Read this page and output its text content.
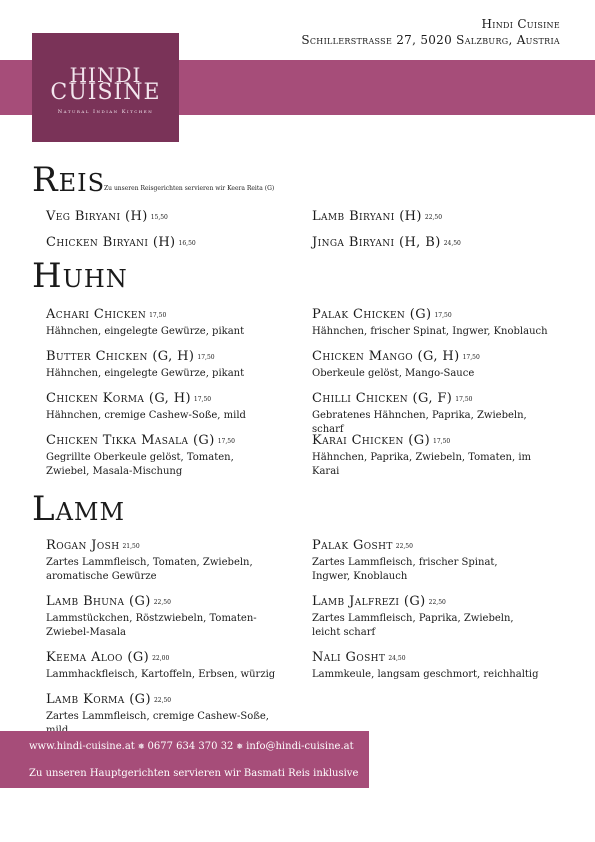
Hindi Cuisine
Schillerstrasse 27, 5020 Salzburg, Austria
HINDI
CUISINE
Natural Indian Kitchen
Reis
Zu unseren Reisgerichten servieren wir Keera Reita (G)
Veg Biryani (H) 15,50	Lamb Biryani (H) 22,50
Chicken Biryani (H) 16,50	Jinga Biryani (H, B) 24,50
Huhn
Achari Chicken 17,50
Hähnchen, eingelegte Gewürze, pikant
Palak Chicken (G) 17,50
Hähnchen, frischer Spinat, Ingwer, Knoblauch
Butter Chicken (G, H) 17,50
Hähnchen, eingelegte Gewürze, pikant
Chicken Mango (G, H) 17,50
Oberkeule gelöst, Mango-Sauce
Chicken Korma (G, H) 17,50
Hähnchen, cremige Cashew-Soße, mild
Chilli Chicken (G, F) 17,50
Gebratenes Hähnchen, Paprika, Zwiebeln, scharf
Chicken Tikka Masala (G) 17,50
Gegrillte Oberkeule gelöst, Tomaten, Zwiebel, Masala-Mischung
Karai Chicken (G) 17,50
Hähnchen, Paprika, Zwiebeln, Tomaten, im Karai
Lamm
Rogan Josh 21,50
Zartes Lammfleisch, Tomaten, Zwiebeln, aromatische Gewürze
Palak Gosht 22,50
Zartes Lammfleisch, frischer Spinat, Ingwer, Knoblauch
Lamb Bhuna (G) 22,50
Lammstückchen, Röstzwiebeln, Tomaten-Zwiebel-Masala
Lamb Jalfrezi (G) 22,50
Zartes Lammfleisch, Paprika, Zwiebeln, leicht scharf
Keema Aloo (G) 22,00
Lammhackfleisch, Kartoffeln, Erbsen, würzig
Nali Gosht 24,50
Lammkeule, langsam geschmort, reichhaltig
Lamb Korma (G) 22,50
Zartes Lammfleisch, cremige Cashew-Soße,
www.hindi-cuisine.at ❅ 0677 634 370 32 ❅ info@hindi-cuisine.at
Zu unseren Hauptgerichten servieren wir Basmati Reis inklusive
